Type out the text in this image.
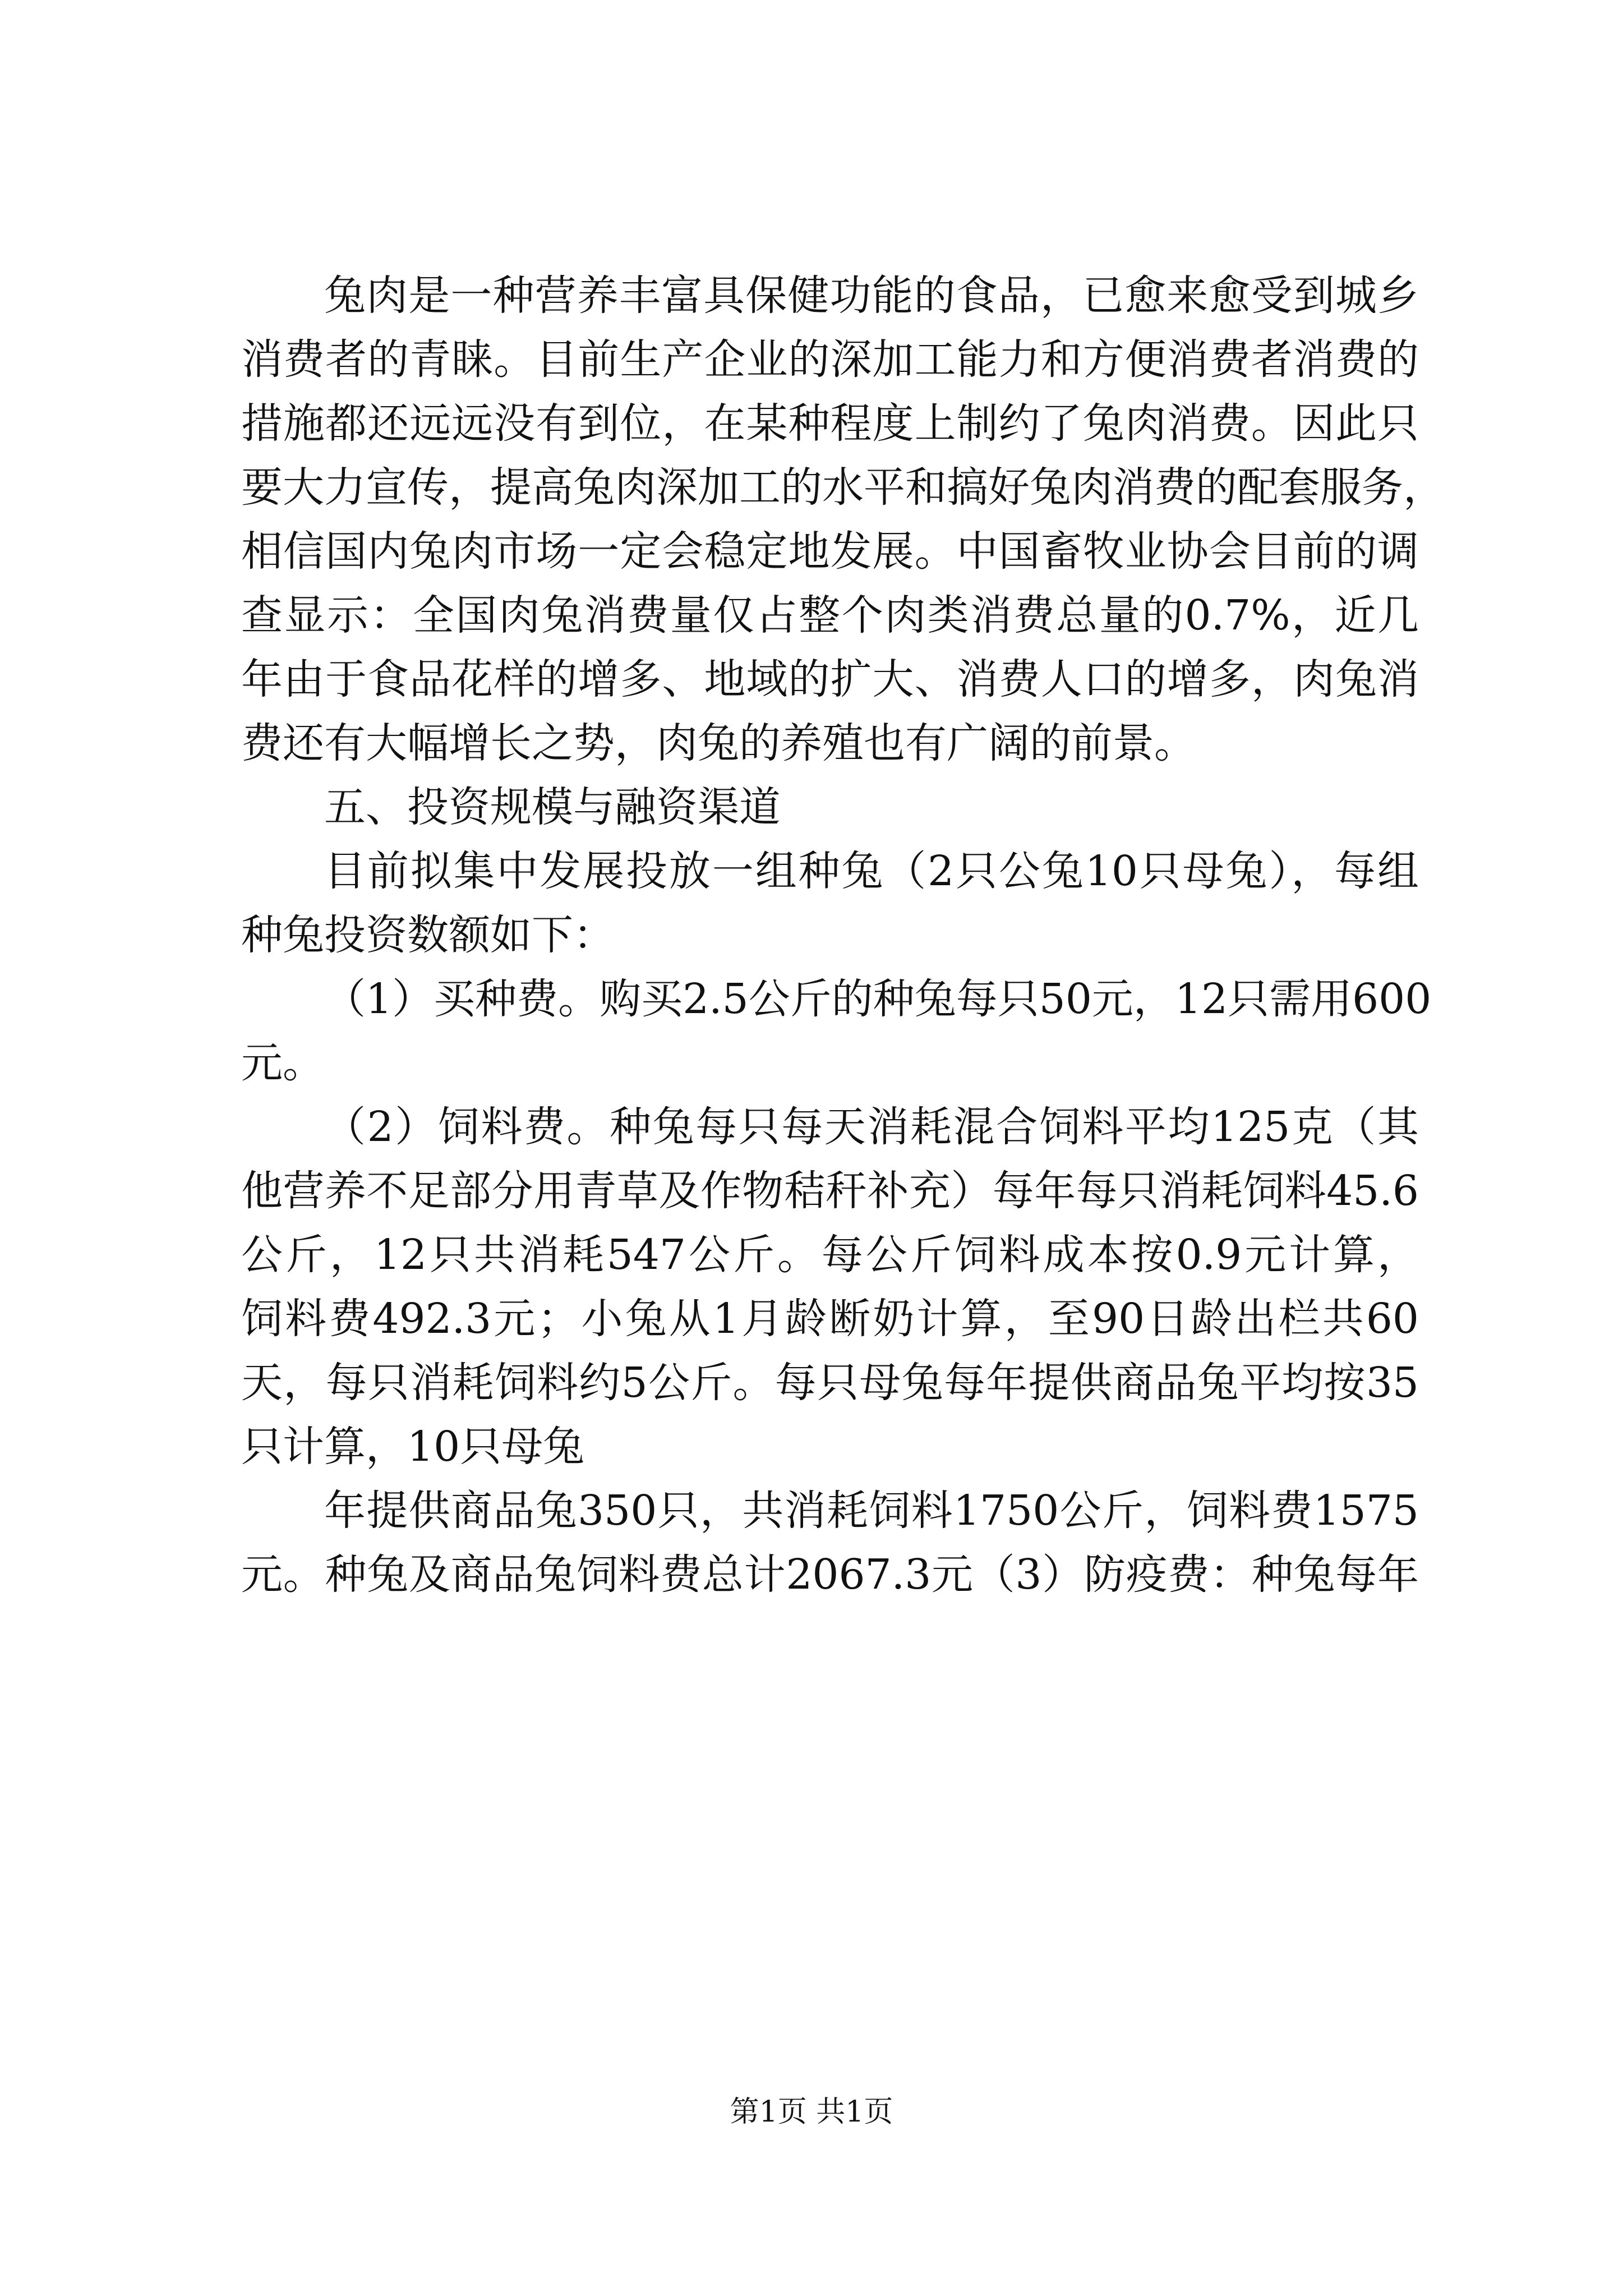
兔肉是一种营养丰富具保健功能的食品，已愈来愈受到城乡
消费者的青睐。目前生产企业的深加工能力和方便消费者消费的
措施都还远远没有到位，在某种程度上制约了兔肉消费。因此只
要大力宣传，提高兔肉深加工的水平和搞好兔肉消费的配套服务，
相信国内兔肉市场一定会稳定地发展。中国畜牧业协会目前的调
查显示：全国肉兔消费量仅占整个肉类消费总量的0.7%，近几
年由于食品花样的增多、地域的扩大、消费人口的增多，肉兔消
费还有大幅增长之势，肉兔的养殖也有广阔的前景。
五、投资规模与融资渠道
目前拟集中发展投放一组种兔（2只公兔10只母兔），每组
种兔投资数额如下：
（1）买种费。购买2.5公斤的种兔每只50元，12只需用600
元。
（2）饲料费。种兔每只每天消耗混合饲料平均125克（其
他营养不足部分用青草及作物秸秆补充）每年每只消耗饲料45.6
公斤，12只共消耗547公斤。每公斤饲料成本按0.9元计算，
饲料费492.3元；小兔从1月龄断奶计算，至90日龄出栏共60
天，每只消耗饲料约5公斤。每只母兔每年提供商品兔平均按35
只计算，10只母兔
年提供商品兔350只，共消耗饲料1750公斤，饲料费1575
元。种兔及商品兔饲料费总计2067.3元（3）防疫费：种兔每年
第1页 共1页
